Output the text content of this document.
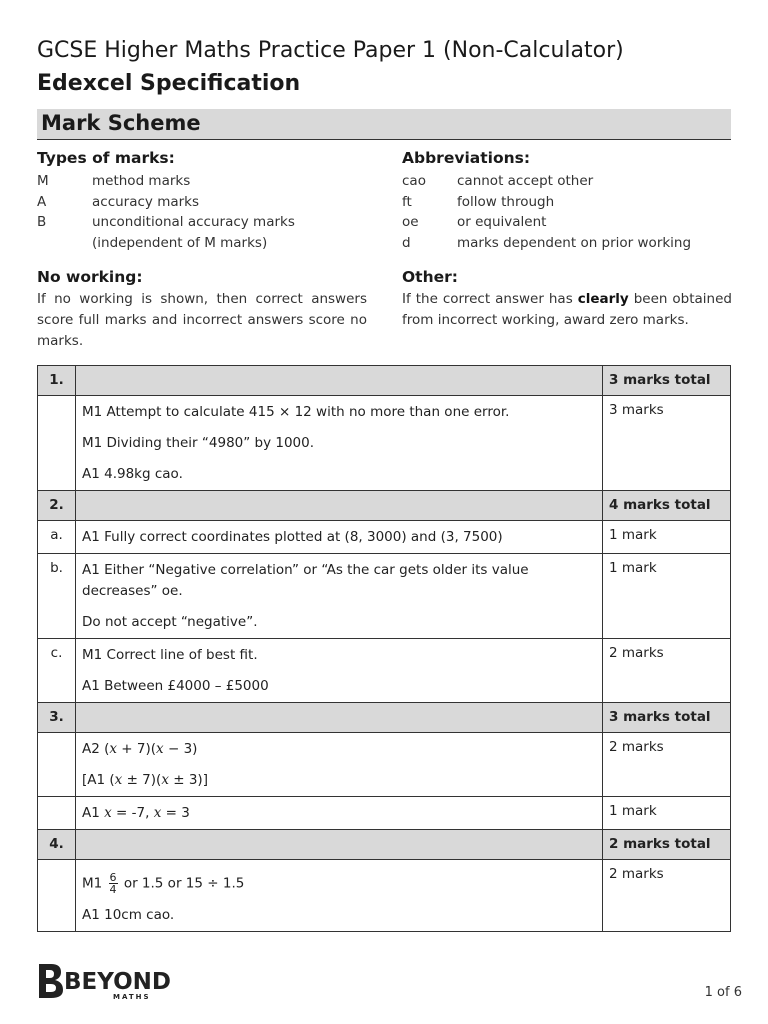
GCSE Higher Maths Practice Paper 1 (Non-Calculator)
Edexcel Specification
Mark Scheme
Types of marks:
M	method marks
A	accuracy marks
B	unconditional accuracy marks
(independent of M marks)
Abbreviations:
cao	cannot accept other
ft	follow through
oe	or equivalent
d	marks dependent on prior working
No working:
If no working is shown, then correct answers score full marks and incorrect answers score no marks.
Other:
If the correct answer has clearly been obtained from incorrect working, award zero marks.
1.		3 marks total

	M1 Attempt to calculate 415 × 12 with no more than one error.

M1 Dividing their “4980” by 1000.

A1 4.98kg cao.	3 marks
2.		4 marks total
a.	A1 Fully correct coordinates plotted at (8, 3000) and (3, 7500)	1 mark
b.	A1 Either “Negative correlation” or “As the car gets older its value decreases” oe.

Do not accept “negative”.	1 mark
c.	M1 Correct line of best fit.

A1 Between £4000 – £5000	2 marks
3.		3 marks total

	A2 (x + 7)(x − 3)

[A1 (x ± 7)(x ± 3)]	2 marks

	A1 x = -7, x = 3	1 mark
4.		2 marks total

	$M1 \frac{6}{4}$ or 1.5 or 15 ÷ 1.5

A1 10cm cao.	2 marks
BEYOND
MATHS	1 of 6
